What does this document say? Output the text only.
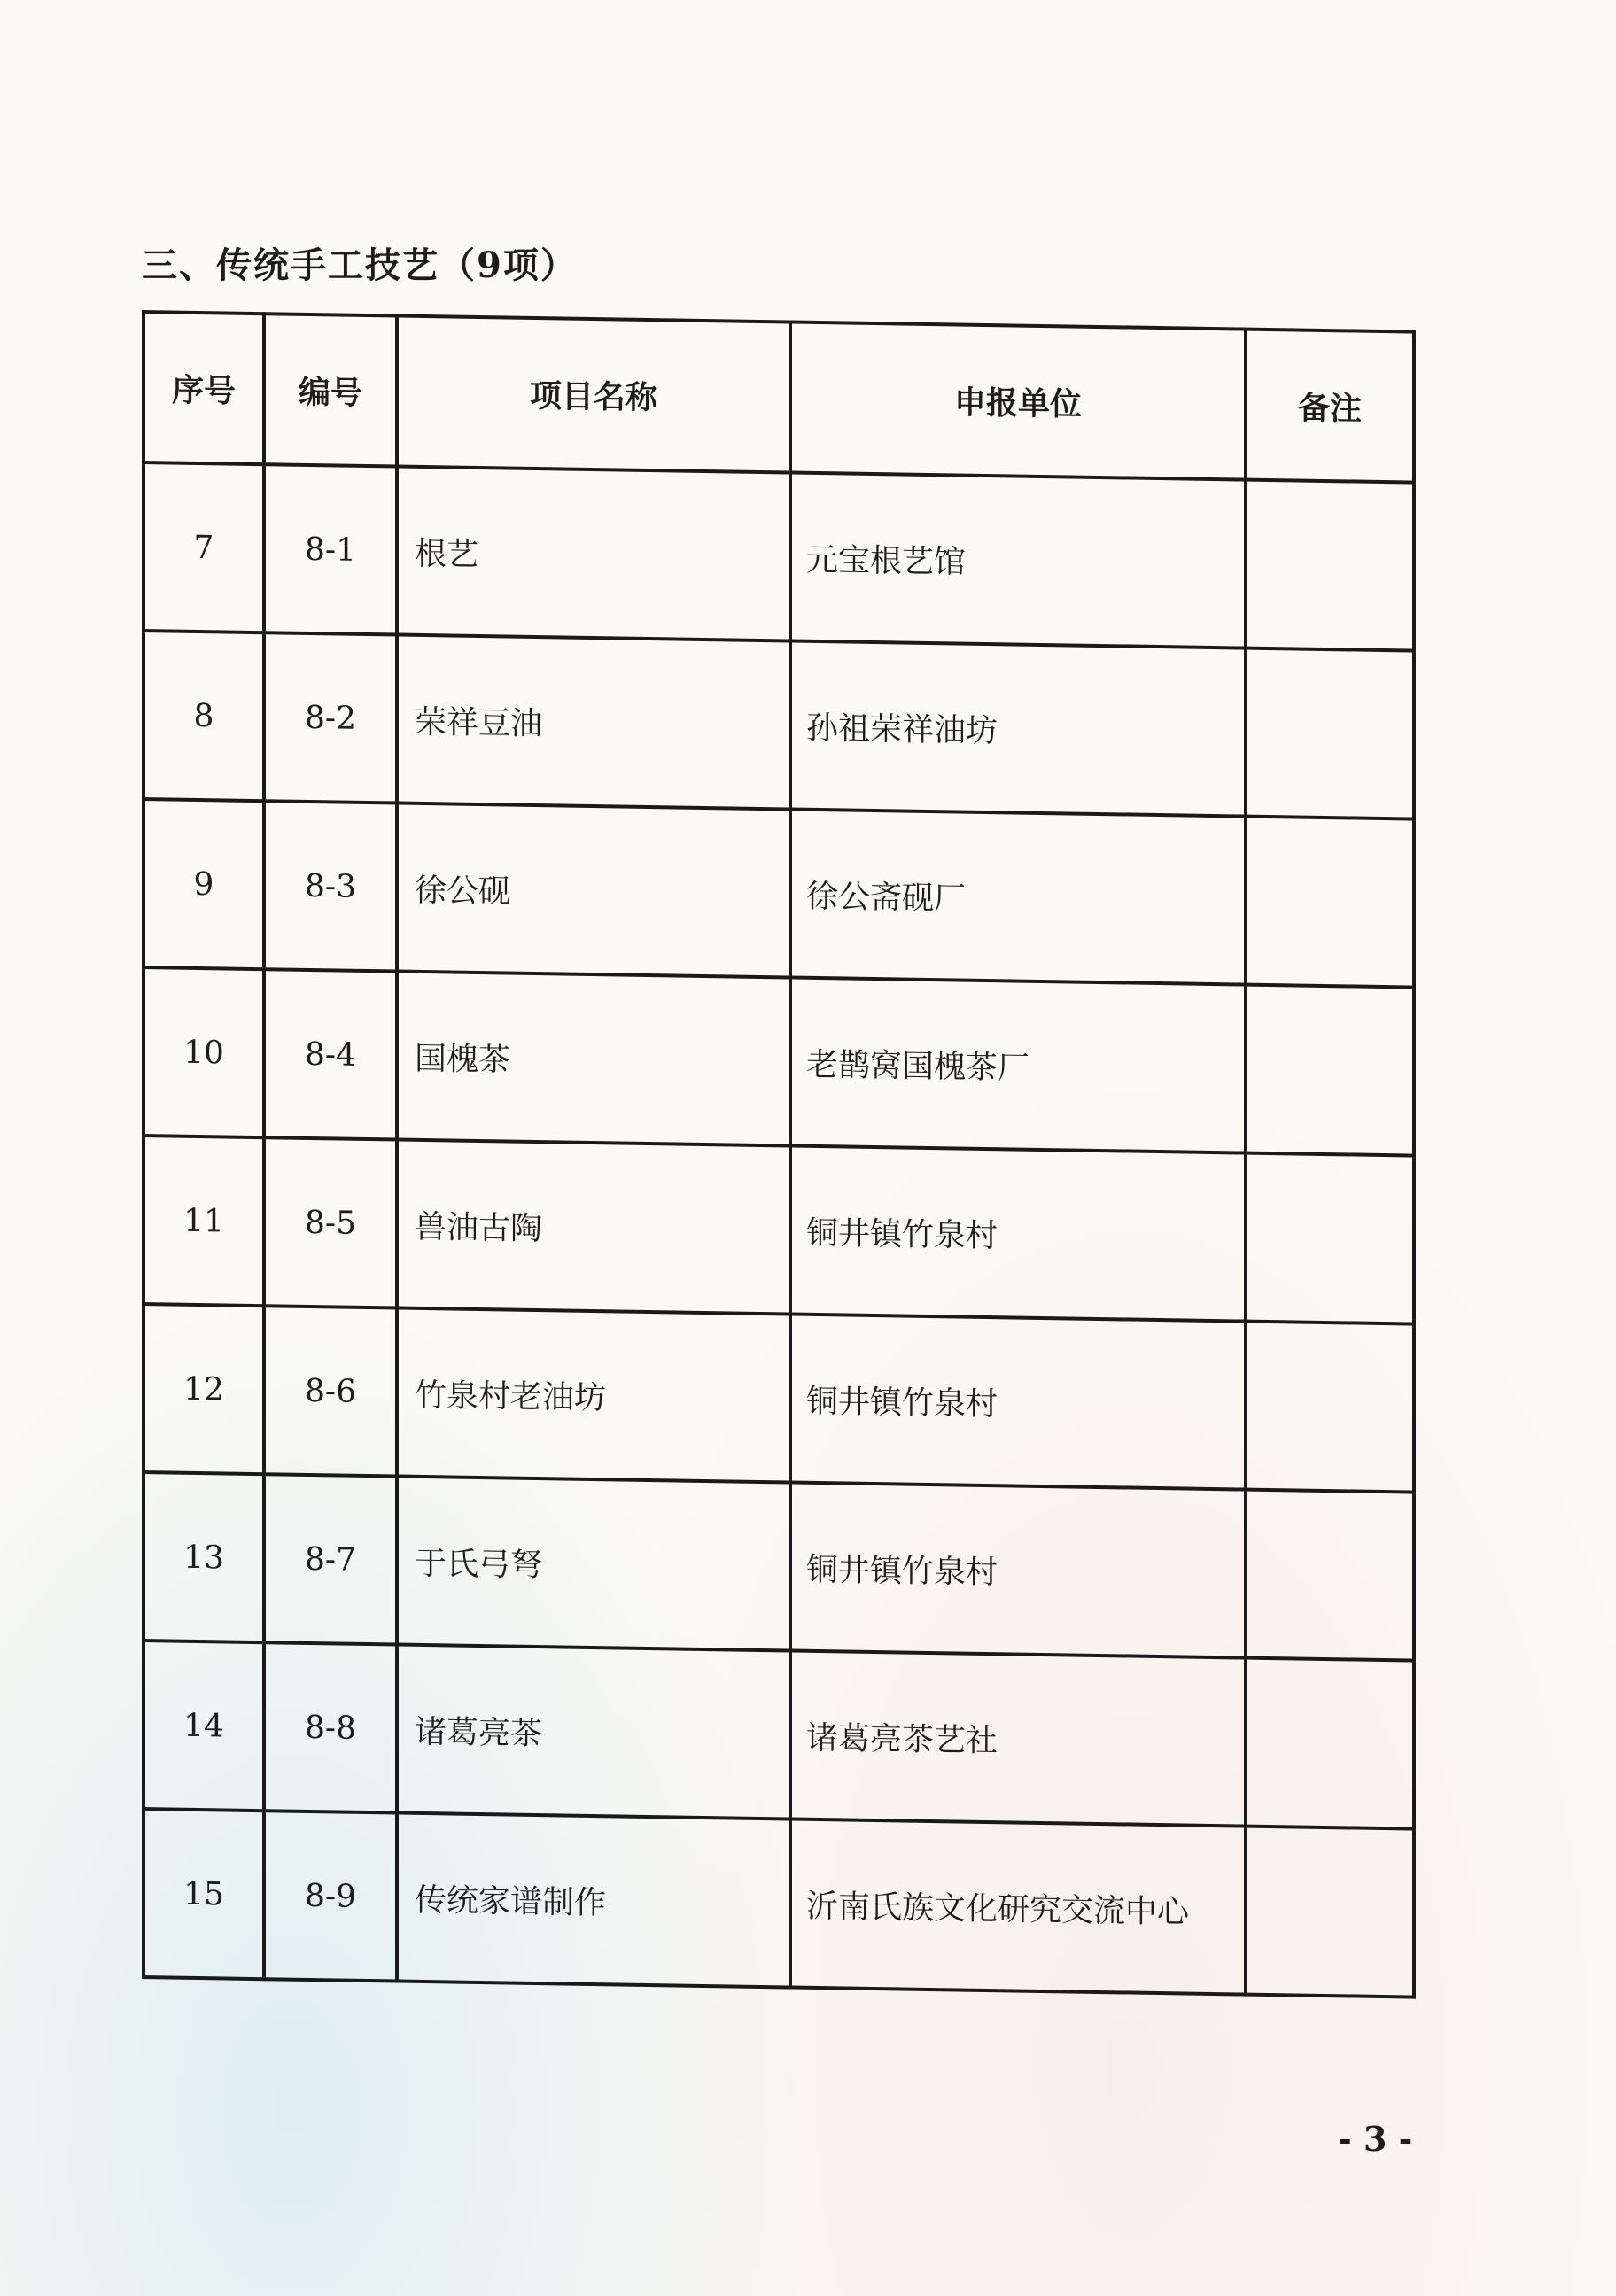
三、传统手工技艺（9项）
序号	编号	项目名称	申报单位	备注
7	8-1	根艺	元宝根艺馆	
8	8-2	荣祥豆油	孙祖荣祥油坊	
9	8-3	徐公砚	徐公斋砚厂	
10	8-4	国槐茶	老鹊窝国槐茶厂	
11	8-5	兽油古陶	铜井镇竹泉村	
12	8-6	竹泉村老油坊	铜井镇竹泉村	
13	8-7	于氏弓弩	铜井镇竹泉村	
14	8-8	诸葛亮茶	诸葛亮茶艺社	
15	8-9	传统家谱制作	沂南氏族文化研究交流中心	
- 3 -
